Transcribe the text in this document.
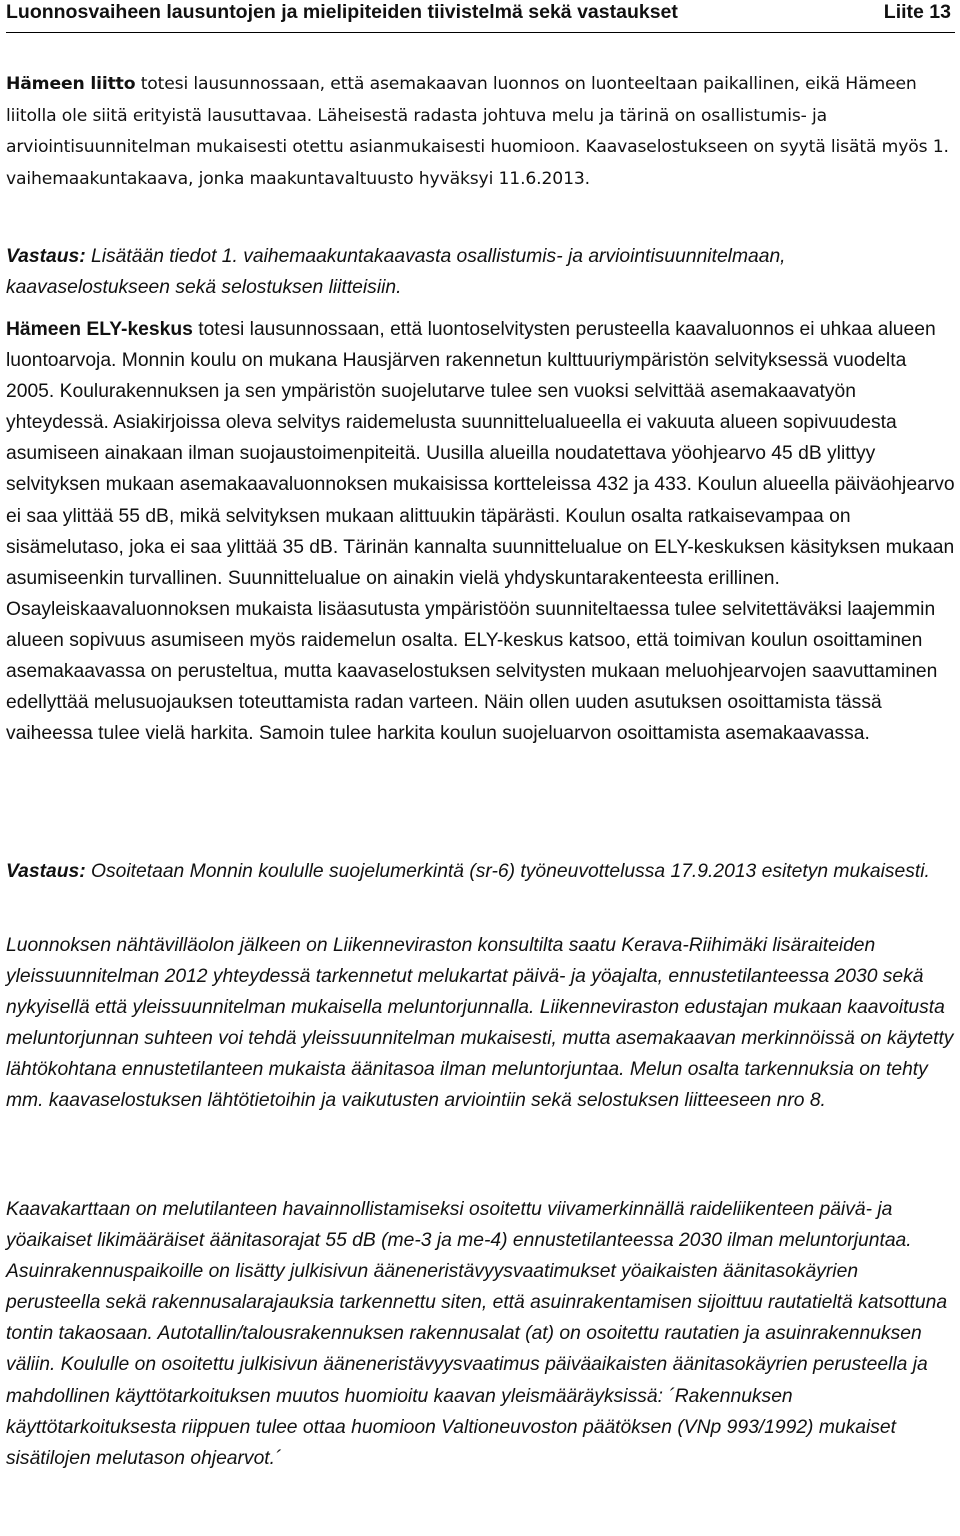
Luonnosvaiheen lausuntojen ja mielipiteiden tiivistelmä sekä vastaukset	Liite 13

Hämeen liitto totesi lausunnossaan, että asemakaavan luonnos on luonteeltaan paikallinen, eikä Hämeen liitolla ole siitä erityistä lausuttavaa. Läheisestä radasta johtuva melu ja tärinä on osallistumis- ja arviointisuunnitelman mukaisesti otettu asianmukaisesti huomioon. Kaavaselostukseen on syytä lisätä myös 1. vaihemaakuntakaava, jonka maakuntavaltuusto hyväksyi 11.6.2013.

Vastaus: Lisätään tiedot 1. vaihemaakuntakaavasta osallistumis- ja arviointisuunnitelmaan, kaavaselostukseen sekä selostuksen liitteisiin.

Hämeen ELY-keskus totesi lausunnossaan, että luontoselvitysten perusteella kaavaluonnos ei uhkaa alueen luontoarvoja. Monnin koulu on mukana Hausjärven rakennetun kulttuuriympäristön selvityksessä vuodelta 2005. Koulurakennuksen ja sen ympäristön suojelutarve tulee sen vuoksi selvittää asemakaavatyön yhteydessä. Asiakirjoissa oleva selvitys raidemelusta suunnittelualueella ei vakuuta alueen sopivuudesta asumiseen ainakaan ilman suojaustoimenpiteitä. Uusilla alueilla noudatettava yöohjearvo 45 dB ylittyy selvityksen mukaan asemakaavaluonnoksen mukaisissa kortteleissa 432 ja 433. Koulun alueella päiväohjearvo ei saa ylittää 55 dB, mikä selvityksen mukaan alittuukin täpärästi. Koulun osalta ratkaisevampaa on sisämelutaso, joka ei saa ylittää 35 dB. Tärinän kannalta suunnittelualue on ELY-keskuksen käsityksen mukaan asumiseenkin turvallinen. Suunnittelualue on ainakin vielä yhdyskuntarakenteesta erillinen. Osayleiskaavaluonnoksen mukaista lisäasutusta ympäristöön suunniteltaessa tulee selvitettäväksi laajemmin alueen sopivuus asumiseen myös raidemelun osalta. ELY-keskus katsoo, että toimivan koulun osoittaminen asemakaavassa on perusteltua, mutta kaavaselostuksen selvitysten mukaan meluohjearvojen saavuttaminen edellyttää melusuojauksen toteuttamista radan varteen. Näin ollen uuden asutuksen osoittamista tässä vaiheessa tulee vielä harkita. Samoin tulee harkita koulun suojeluarvon osoittamista asemakaavassa.

Vastaus: Osoitetaan Monnin koululle suojelumerkintä (sr-6) työneuvottelussa 17.9.2013 esitetyn mukaisesti.

Luonnoksen nähtävilläolon jälkeen on Liikenneviraston konsultilta saatu Kerava-Riihimäki lisäraiteiden yleissuunnitelman 2012 yhteydessä tarkennetut melukartat päivä- ja yöajalta, ennustetilanteessa 2030 sekä nykyisellä että yleissuunnitelman mukaisella meluntorjunnalla. Liikenneviraston edustajan mukaan kaavoitusta meluntorjunnan suhteen voi tehdä yleissuunnitelman mukaisesti, mutta asemakaavan merkinnöissä on käytetty lähtökohtana ennustetilanteen mukaista äänitasoa ilman meluntorjuntaa. Melun osalta tarkennuksia on tehty mm. kaavaselostuksen lähtötietoihin ja vaikutusten arviointiin sekä selostuksen liitteeseen nro 8.

Kaavakarttaan on melutilanteen havainnollistamiseksi osoitettu viivamerkinnällä raideliikenteen päivä- ja yöaikaiset likimääräiset äänitasorajat 55 dB (me-3 ja me-4) ennustetilanteessa 2030 ilman meluntorjuntaa. Asuinrakennuspaikoille on lisätty julkisivun ääneneristävyysvaatimukset yöaikaisten äänitasokäyrien perusteella sekä rakennusalarajauksia tarkennettu siten, että asuinrakentamisen sijoittuu rautatieltä katsottuna tontin takaosaan. Autotallin/talousrakennuksen rakennusalat (at) on osoitettu rautatien ja asuinrakennuksen väliin. Koululle on osoitettu julkisivun ääneneristävyysvaatimus päiväaikaisten äänitasokäyrien perusteella ja mahdollinen käyttötarkoituksen muutos huomioitu kaavan yleismääräyksissä: ´Rakennuksen käyttötarkoituksesta riippuen tulee ottaa huomioon Valtioneuvoston päätöksen (VNp 993/1992) mukaiset sisätilojen melutason ohjearvot.´
